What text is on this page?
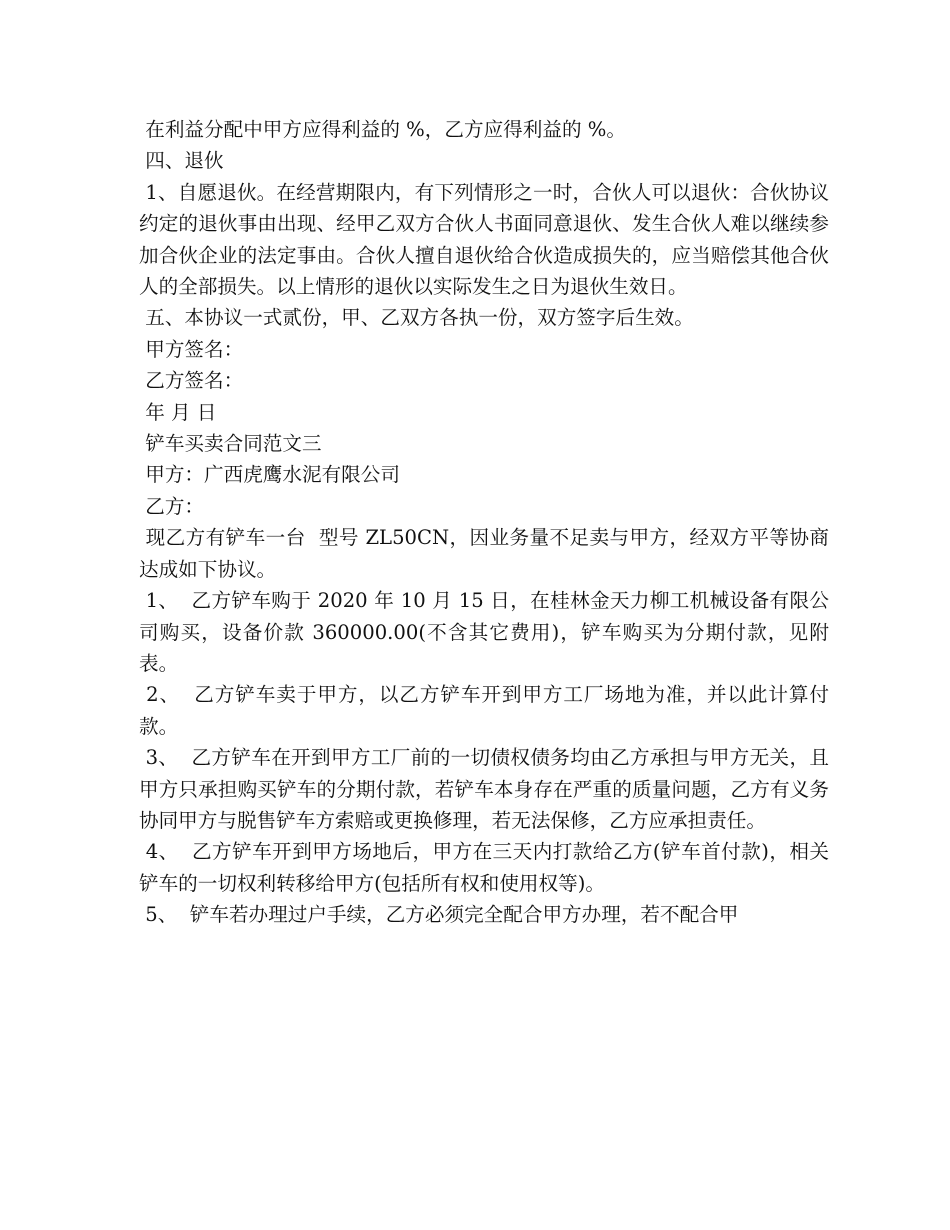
在利益分配中甲方应得利益的 %，乙方应得利益的 %。

四、退伙

1、自愿退伙。在经营期限内，有下列情形之一时，合伙人可以退伙：合伙协议约定的退伙事由出现、经甲乙双方合伙人书面同意退伙、发生合伙人难以继续参加合伙企业的法定事由。合伙人擅自退伙给合伙造成损失的，应当赔偿其他合伙人的全部损失。以上情形的退伙以实际发生之日为退伙生效日。

五、本协议一式贰份，甲、乙双方各执一份，双方签字后生效。

甲方签名：

乙方签名：

年 月 日

铲车买卖合同范文三

甲方：广西虎鹰水泥有限公司

乙方：

现乙方有铲车一台  型号 ZL50CN，因业务量不足卖与甲方，经双方平等协商达成如下协议。

1、  乙方铲车购于 2020 年 10 月 15 日，在桂林金天力柳工机械设备有限公司购买，设备价款 360000.00(不含其它费用)，铲车购买为分期付款，见附表。

2、  乙方铲车卖于甲方，以乙方铲车开到甲方工厂场地为准，并以此计算付款。

3、  乙方铲车在开到甲方工厂前的一切债权债务均由乙方承担与甲方无关，且甲方只承担购买铲车的分期付款，若铲车本身存在严重的质量问题，乙方有义务协同甲方与脱售铲车方索赔或更换修理，若无法保修，乙方应承担责任。

4、  乙方铲车开到甲方场地后，甲方在三天内打款给乙方(铲车首付款)，相关铲车的一切权利转移给甲方(包括所有权和使用权等)。

5、  铲车若办理过户手续，乙方必须完全配合甲方办理，若不配合甲
